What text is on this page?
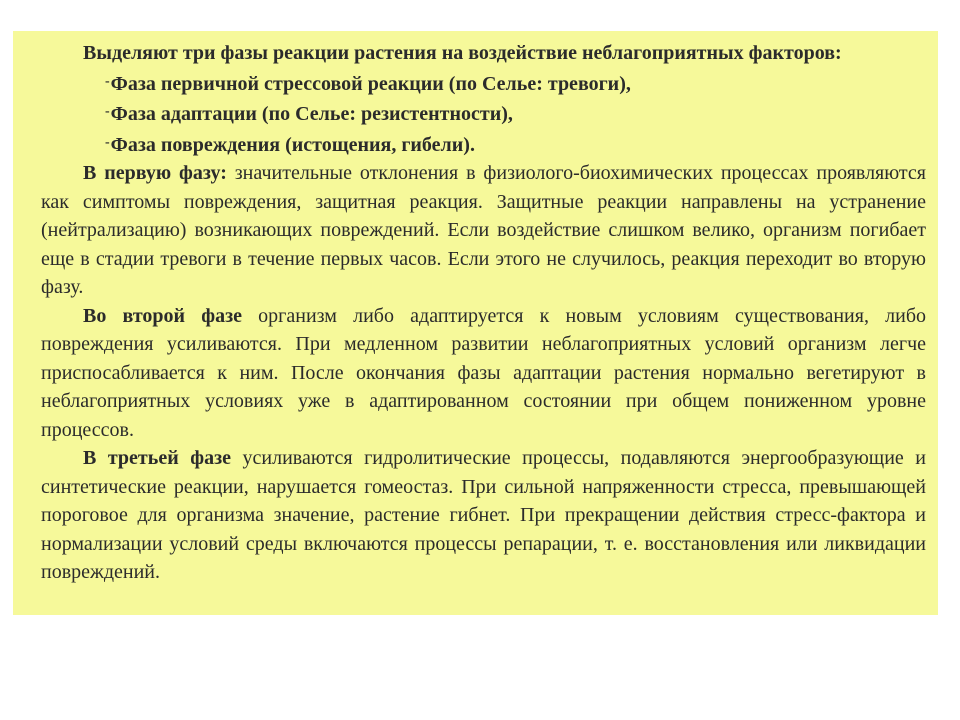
Выделяют три фазы реакции растения на воздействие неблагоприятных факторов:

-Фаза первичной стрессовой реакции (по Селье: тревоги),

-Фаза адаптации (по Селье: резистентности),

-Фаза повреждения (истощения, гибели).

В первую фазу: значительные отклонения в физиолого-биохимических процессах проявляются как симптомы повреждения, защитная реакция. Защитные реакции направлены на устранение (нейтрализацию) возникающих повреждений. Если воздействие слишком велико, организм погибает еще в стадии тревоги в течение первых часов. Если этого не случилось, реакция переходит во вторую фазу.

Во второй фазе организм либо адаптируется к новым условиям существования, либо повреждения усиливаются. При медленном развитии неблагоприятных условий организм легче приспосабливается к ним. После окончания фазы адаптации растения нормально вегетируют в неблагоприятных условиях уже в адаптированном состоянии при общем пониженном уровне процессов.

В третьей фазе усиливаются гидролитические процессы, подавляются энергообразующие и синтетические реакции, нарушается гомеостаз. При сильной напряженности стресса, превышающей пороговое для организма значение, растение гибнет. При прекращении действия стресс-фактора и нормализации условий среды включаются процессы репарации, т. е. восстановления или ликвидации повреждений.
